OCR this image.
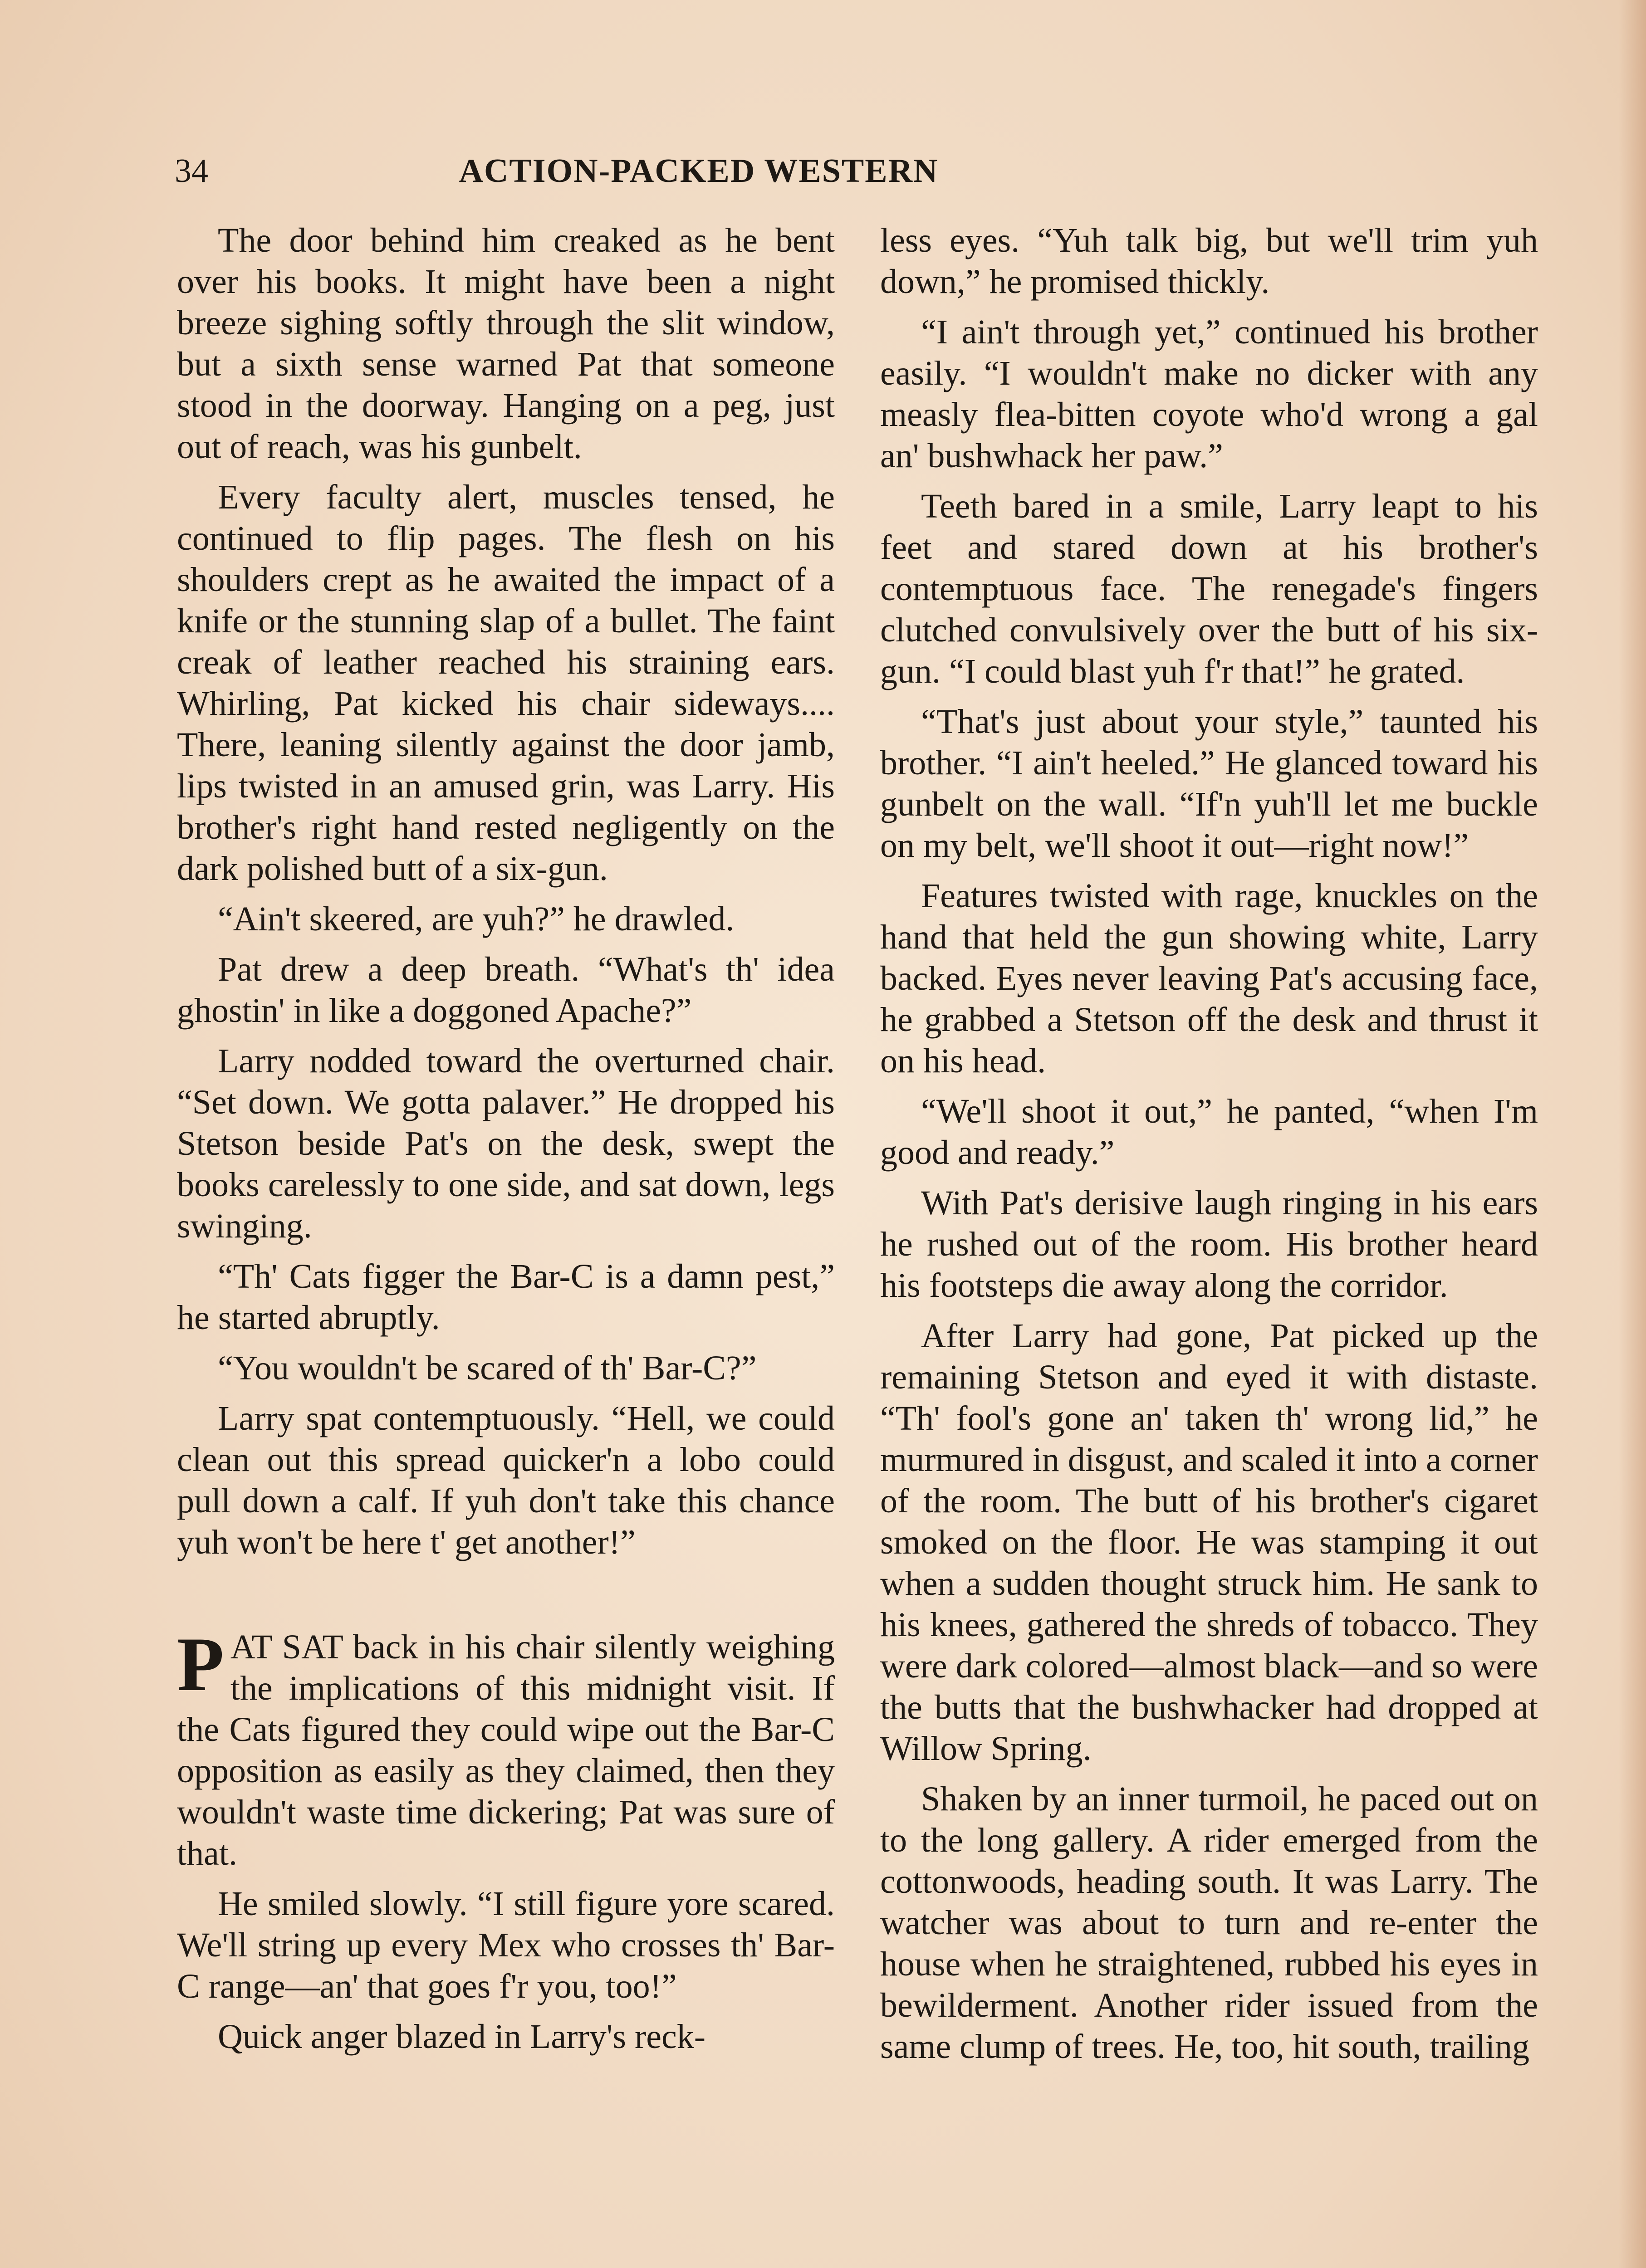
34	ACTION-PACKED WESTERN

The door behind him creaked as he bent over his books. It might have been a night breeze sighing softly through the slit window, but a sixth sense warned Pat that someone stood in the doorway. Hanging on a peg, just out of reach, was his gunbelt.

Every faculty alert, muscles tensed, he continued to flip pages. The flesh on his shoulders crept as he awaited the impact of a knife or the stunning slap of a bullet. The faint creak of leather reached his straining ears. Whirling, Pat kicked his chair sideways.... There, leaning silently against the door jamb, lips twisted in an amused grin, was Larry. His brother's right hand rested negligently on the dark polished butt of a six-gun.

“Ain't skeered, are yuh?” he drawled.

Pat drew a deep breath. “What's th' idea ghostin' in like a doggoned Apache?”

Larry nodded toward the overturned chair. “Set down. We gotta palaver.” He dropped his Stetson beside Pat's on the desk, swept the books carelessly to one side, and sat down, legs swinging.

“Th' Cats figger the Bar-C is a damn pest,” he started abruptly.

“You wouldn't be scared of th' Bar-C?”

Larry spat contemptuously. “Hell, we could clean out this spread quicker'n a lobo could pull down a calf. If yuh don't take this chance yuh won't be here t' get another!”

PAT SAT back in his chair silently weighing the implications of this midnight visit. If the Cats figured they could wipe out the Bar-C opposition as easily as they claimed, then they wouldn't waste time dickering; Pat was sure of that.

He smiled slowly. “I still figure yore scared. We'll string up every Mex who crosses th' Bar-C range—an' that goes f'r you, too!”

Quick anger blazed in Larry's reck-

less eyes. “Yuh talk big, but we'll trim yuh down,” he promised thickly.

“I ain't through yet,” continued his brother easily. “I wouldn't make no dicker with any measly flea-bitten coyote who'd wrong a gal an' bushwhack her paw.”

Teeth bared in a smile, Larry leapt to his feet and stared down at his brother's contemptuous face. The renegade's fingers clutched convulsively over the butt of his six-gun. “I could blast yuh f'r that!” he grated.

“That's just about your style,” taunted his brother. “I ain't heeled.” He glanced toward his gunbelt on the wall. “If'n yuh'll let me buckle on my belt, we'll shoot it out—right now!”

Features twisted with rage, knuckles on the hand that held the gun showing white, Larry backed. Eyes never leaving Pat's accusing face, he grabbed a Stetson off the desk and thrust it on his head.

“We'll shoot it out,” he panted, “when I'm good and ready.”

With Pat's derisive laugh ringing in his ears he rushed out of the room. His brother heard his footsteps die away along the corridor.

After Larry had gone, Pat picked up the remaining Stetson and eyed it with distaste. “Th' fool's gone an' taken th' wrong lid,” he murmured in disgust, and scaled it into a corner of the room. The butt of his brother's cigaret smoked on the floor. He was stamping it out when a sudden thought struck him. He sank to his knees, gathered the shreds of tobacco. They were dark colored—almost black—and so were the butts that the bushwhacker had dropped at Willow Spring.

Shaken by an inner turmoil, he paced out on to the long gallery. A rider emerged from the cottonwoods, heading south. It was Larry. The watcher was about to turn and re-enter the house when he straightened, rubbed his eyes in bewilderment. Another rider issued from the same clump of trees. He, too, hit south, trailing
